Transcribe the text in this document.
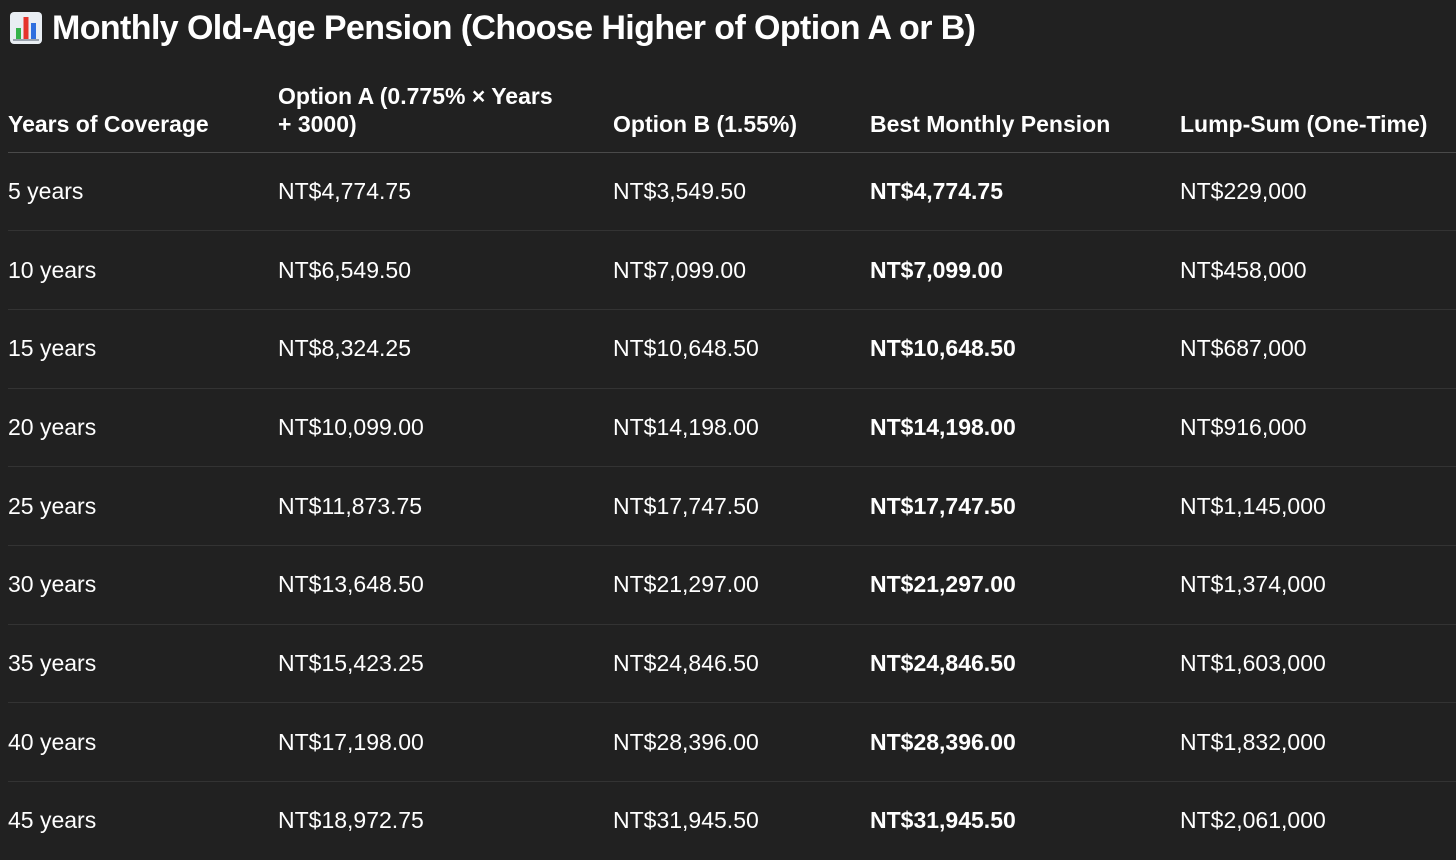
Monthly Old-Age Pension (Choose Higher of Option A or B)
Years of Coverage	Option A (0.775% × Years + 3000)	Option B (1.55%)	Best Monthly Pension	Lump-Sum (One-Time)
5 years	NT$4,774.75	NT$3,549.50	NT$4,774.75	NT$229,000
10 years	NT$6,549.50	NT$7,099.00	NT$7,099.00	NT$458,000
15 years	NT$8,324.25	NT$10,648.50	NT$10,648.50	NT$687,000
20 years	NT$10,099.00	NT$14,198.00	NT$14,198.00	NT$916,000
25 years	NT$11,873.75	NT$17,747.50	NT$17,747.50	NT$1,145,000
30 years	NT$13,648.50	NT$21,297.00	NT$21,297.00	NT$1,374,000
35 years	NT$15,423.25	NT$24,846.50	NT$24,846.50	NT$1,603,000
40 years	NT$17,198.00	NT$28,396.00	NT$28,396.00	NT$1,832,000
45 years	NT$18,972.75	NT$31,945.50	NT$31,945.50	NT$2,061,000
